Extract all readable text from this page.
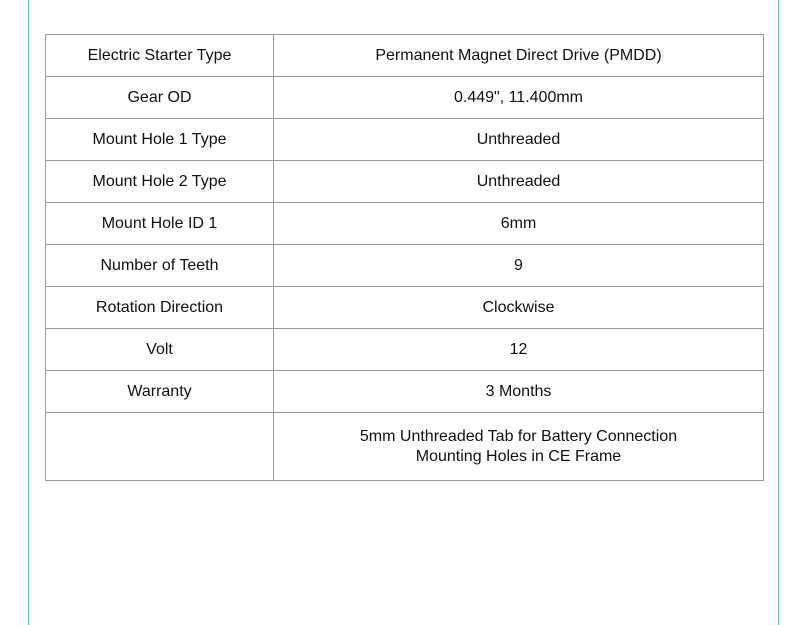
Electric Starter Type	Permanent Magnet Direct Drive (PMDD)
Gear OD	0.449", 11.400mm
Mount Hole 1 Type	Unthreaded
Mount Hole 2 Type	Unthreaded
Mount Hole ID 1	6mm
Number of Teeth	9
Rotation Direction	Clockwise
Volt	12
Warranty	3 Months

	5mm Unthreaded Tab for Battery Connection
Mounting Holes in CE Frame
